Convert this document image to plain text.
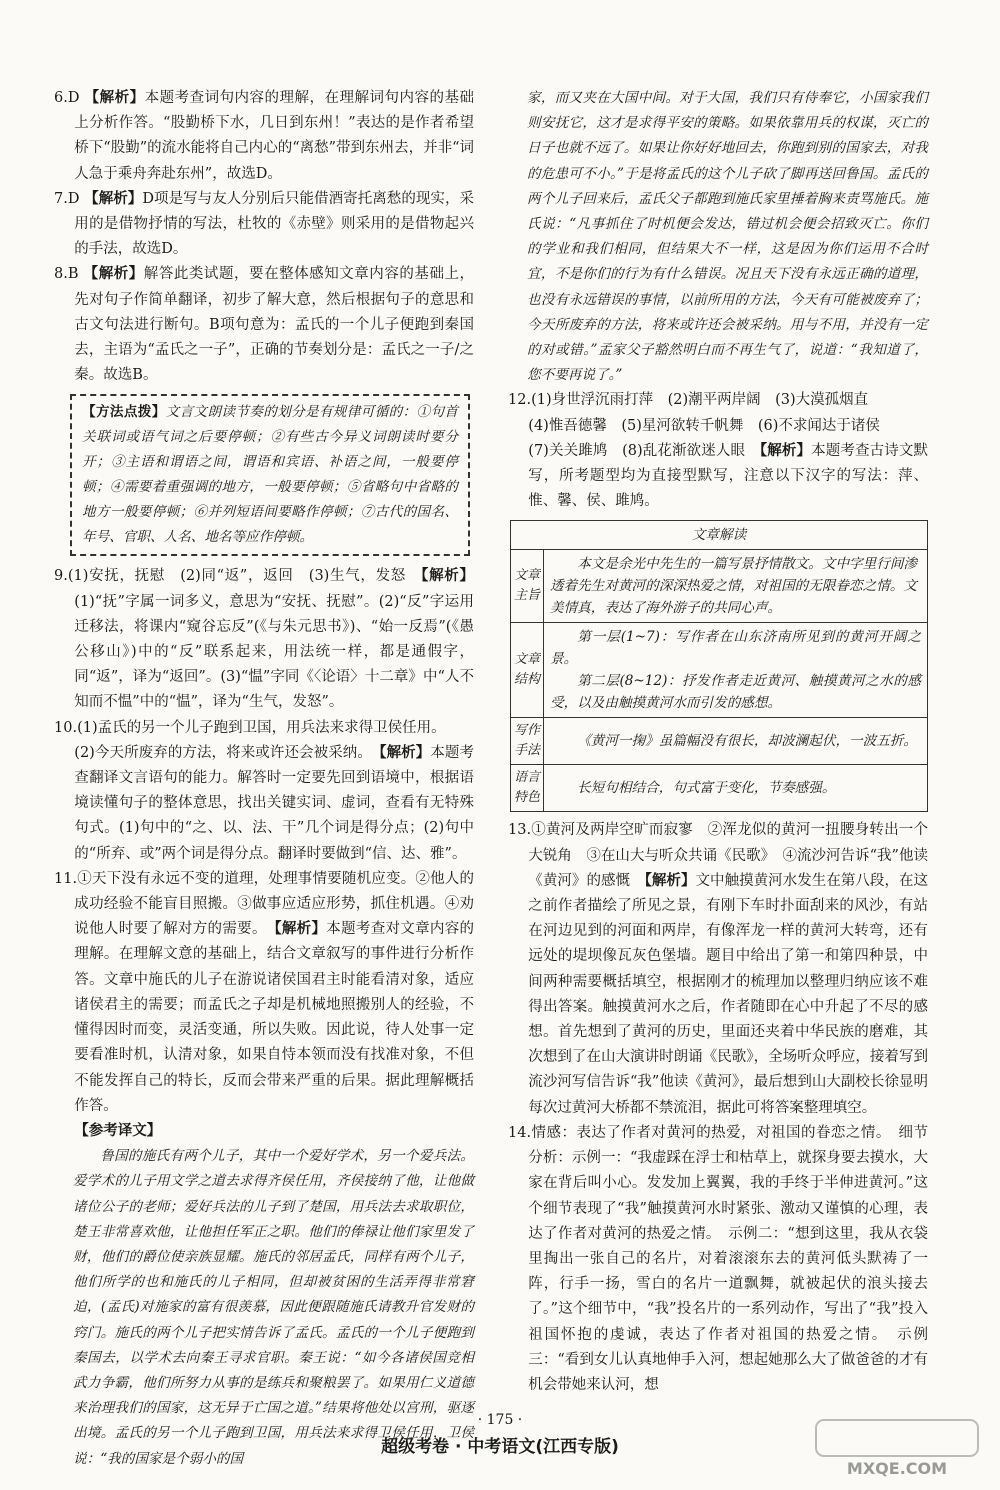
6.D 【解析】本题考查词句内容的理解，在理解词句内容的基础上分析作答。“股勤桥下水，几日到东州！”表达的是作者希望桥下“股勤”的流水能将自己内心的“离愁”带到东州去，并非“词人急于乘舟奔赴东州”，故选D。

7.D 【解析】D项是写与友人分别后只能借酒寄托离愁的现实，采用的是借物抒情的写法，杜牧的《赤壁》则采用的是借物起兴的手法，故选D。

8.B 【解析】解答此类试题，要在整体感知文章内容的基础上，先对句子作简单翻译，初步了解大意，然后根据句子的意思和古文句法进行断句。B项句意为：孟氏的一个儿子便跑到秦国去，主语为“孟氏之一子”，正确的节奏划分是：孟氏之一子/之秦。故选B。

【方法点拨】文言文朗读节奏的划分是有规律可循的：①句首关联词或语气词之后要停顿；②有些古今异义词朗读时要分开；③主语和谓语之间，谓语和宾语、补语之间，一般要停顿；④需要着重强调的地方，一般要停顿；⑤省略句中省略的地方一般要停顿；⑥并列短语间要略作停顿；⑦古代的国名、年号、官职、人名、地名等应作停顿。

9.(1)安抚，抚慰　(2)同“返”，返回　(3)生气，发怒　【解析】(1)“抚”字属一词多义，意思为“安抚、抚慰”。(2)“反”字运用迁移法，将课内“窥谷忘反”(《与朱元思书》)、“始一反焉”(《愚公移山》)中的“反”联系起来，用法统一样，都是通假字，同“返”，译为“返回”。(3)“愠”字同《〈论语〉十二章》中“人不知而不愠”中的“愠”，译为“生气，发怒”。

10.(1)孟氏的另一个儿子跑到卫国，用兵法来求得卫侯任用。

(2)今天所废弃的方法，将来或许还会被采纳。　【解析】本题考查翻译文言语句的能力。解答时一定要先回到语境中，根据语境读懂句子的整体意思，找出关键实词、虚词，查看有无特殊句式。(1)句中的“之、以、法、干”几个词是得分点；(2)句中的“所弃、或”两个词是得分点。翻译时要做到“信、达、雅”。

11.①天下没有永远不变的道理，处理事情要随机应变。②他人的成功经验不能盲目照搬。③做事应适应形势，抓住机遇。④劝说他人时要了解对方的需要。　【解析】本题考查对文章内容的理解。在理解文意的基础上，结合文章叙写的事件进行分析作答。文章中施氏的儿子在游说诸侯国君主时能看清对象，适应诸侯君主的需要；而孟氏之子却是机械地照搬别人的经验，不懂得因时而变，灵活变通，所以失败。因此说，待人处事一定要看准时机，认清对象，如果自恃本领而没有找准对象，不但不能发挥自己的特长，反而会带来严重的后果。据此理解概括作答。

【参考译文】

鲁国的施氏有两个儿子，其中一个爱好学术，另一个爱兵法。爱学术的儿子用文学之道去求得齐侯任用，齐侯接纳了他，让他做诸位公子的老师；爱好兵法的儿子到了楚国，用兵法去求取职位，楚王非常喜欢他，让他担任军正之职。他们的俸禄让他们家里发了财，他们的爵位使亲族显耀。施氏的邻居孟氏，同样有两个儿子，他们所学的也和施氏的儿子相同，但却被贫困的生活弄得非常窘迫，(孟氏)对施家的富有很羡慕，因此便跟随施氏请教升官发财的窍门。施氏的两个儿子把实情告诉了孟氏。孟氏的一个儿子便跑到秦国去，以学术去向秦王寻求官职。秦王说：“如今各诸侯国竞相武力争霸，他们所努力从事的是练兵和聚粮罢了。如果用仁义道德来治理我们的国家，这无异于亡国之道。”结果将他处以宫刑，驱逐出境。孟氏的另一个儿子跑到卫国，用兵法来求得卫侯任用，卫侯说：“我的国家是个弱小的国

家，而又夹在大国中间。对于大国，我们只有侍奉它，小国家我们则安抚它，这才是求得平安的策略。如果依靠用兵的权谋，灭亡的日子也就不远了。如果让你好好地回去，你跑到别的国家去，对我的危患可不小。”于是将孟氏的这个儿子砍了脚再送回鲁国。孟氏的两个儿子回来后，孟氏父子都跑到施氏家里捶着胸来责骂施氏。施氏说：“凡事抓住了时机便会发达，错过机会便会招致灭亡。你们的学业和我们相同，但结果大不一样，这是因为你们运用不合时宜，不是你们的行为有什么错误。况且天下没有永远正确的道理，也没有永远错误的事情，以前所用的方法，今天有可能被废弃了；今天所废弃的方法，将来或许还会被采纳。用与不用，并没有一定的对或错。”孟家父子豁然明白而不再生气了，说道：“我知道了，您不要再说了。”

12.(1)身世浮沉雨打萍　(2)潮平两岸阔　(3)大漠孤烟直

(4)惟吾德馨　(5)星河欲转千帆舞　(6)不求闻达于诸侯

(7)关关雎鸠　(8)乱花渐欲迷人眼　【解析】本题考查古诗文默写，所考题型均为直接型默写，注意以下汉字的写法：萍、惟、馨、侯、雎鸠。

文章解读	
文章主旨	本文是余光中先生的一篇写景抒情散文。文中字里行间渗透着先生对黄河的深深热爱之情，对祖国的无限眷恋之情。文美情真，表达了海外游子的共同心声。
文章结构	第一层(1~7)：写作者在山东济南所见到的黄河开阔之景。

第二层(8~12)：抒发作者走近黄河、触摸黄河之水的感受，以及由触摸黄河水而引发的感想。

写作手法	《黄河一掬》虽篇幅没有很长，却波澜起伏，一波五折。
语言特色	长短句相结合，句式富于变化，节奏感强。

13.①黄河及两岸空旷而寂寥　②浑龙似的黄河一扭腰身转出一个大锐角　③在山大与听众共诵《民歌》　④流沙河告诉“我”他读《黄河》的感慨　【解析】文中触摸黄河水发生在第八段，在这之前作者描绘了所见之景，有刚下车时扑面刮来的风沙，有站在河边见到的河面和两岸，有像浑龙一样的黄河大转弯，还有远处的堤坝像瓦灰色堡墙。题目中给出了第一和第四种景，中间两种需要概括填空，根据刚才的梳理加以整理归纳应该不难得出答案。触摸黄河水之后，作者随即在心中升起了不尽的感想。首先想到了黄河的历史，里面还夹着中华民族的磨难，其次想到了在山大演讲时朗诵《民歌》，全场听众呼应，接着写到流沙河写信告诉“我”他读《黄河》，最后想到山大副校长徐显明每次过黄河大桥都不禁流泪，据此可将答案整理填空。

14.情感：表达了作者对黄河的热爱，对祖国的眷恋之情。　细节分析：示例一：“我虚踩在浮士和枯草上，就探身要去摸水，大家在背后叫小心。发发加上翼翼，我的手终于半伸进黄河。”这个细节表现了“我”触摸黄河水时紧张、激动又谨慎的心理，表达了作者对黄河的热爱之情。　示例二：“想到这里，我从衣袋里掏出一张自己的名片，对着滚滚东去的黄河低头默祷了一阵，行手一扬，雪白的名片一道飘舞，就被起伏的浪头接去了。”这个细节中，“我”投名片的一系列动作，写出了“我”投入祖国怀抱的虔诚，表达了作者对祖国的热爱之情。　示例三：“看到女儿认真地伸手入河，想起她那么大了做爸爸的才有机会带她来认河，想

· 175 ·
超级考卷 · 中考语文(江西专版)
MXQE.COM
